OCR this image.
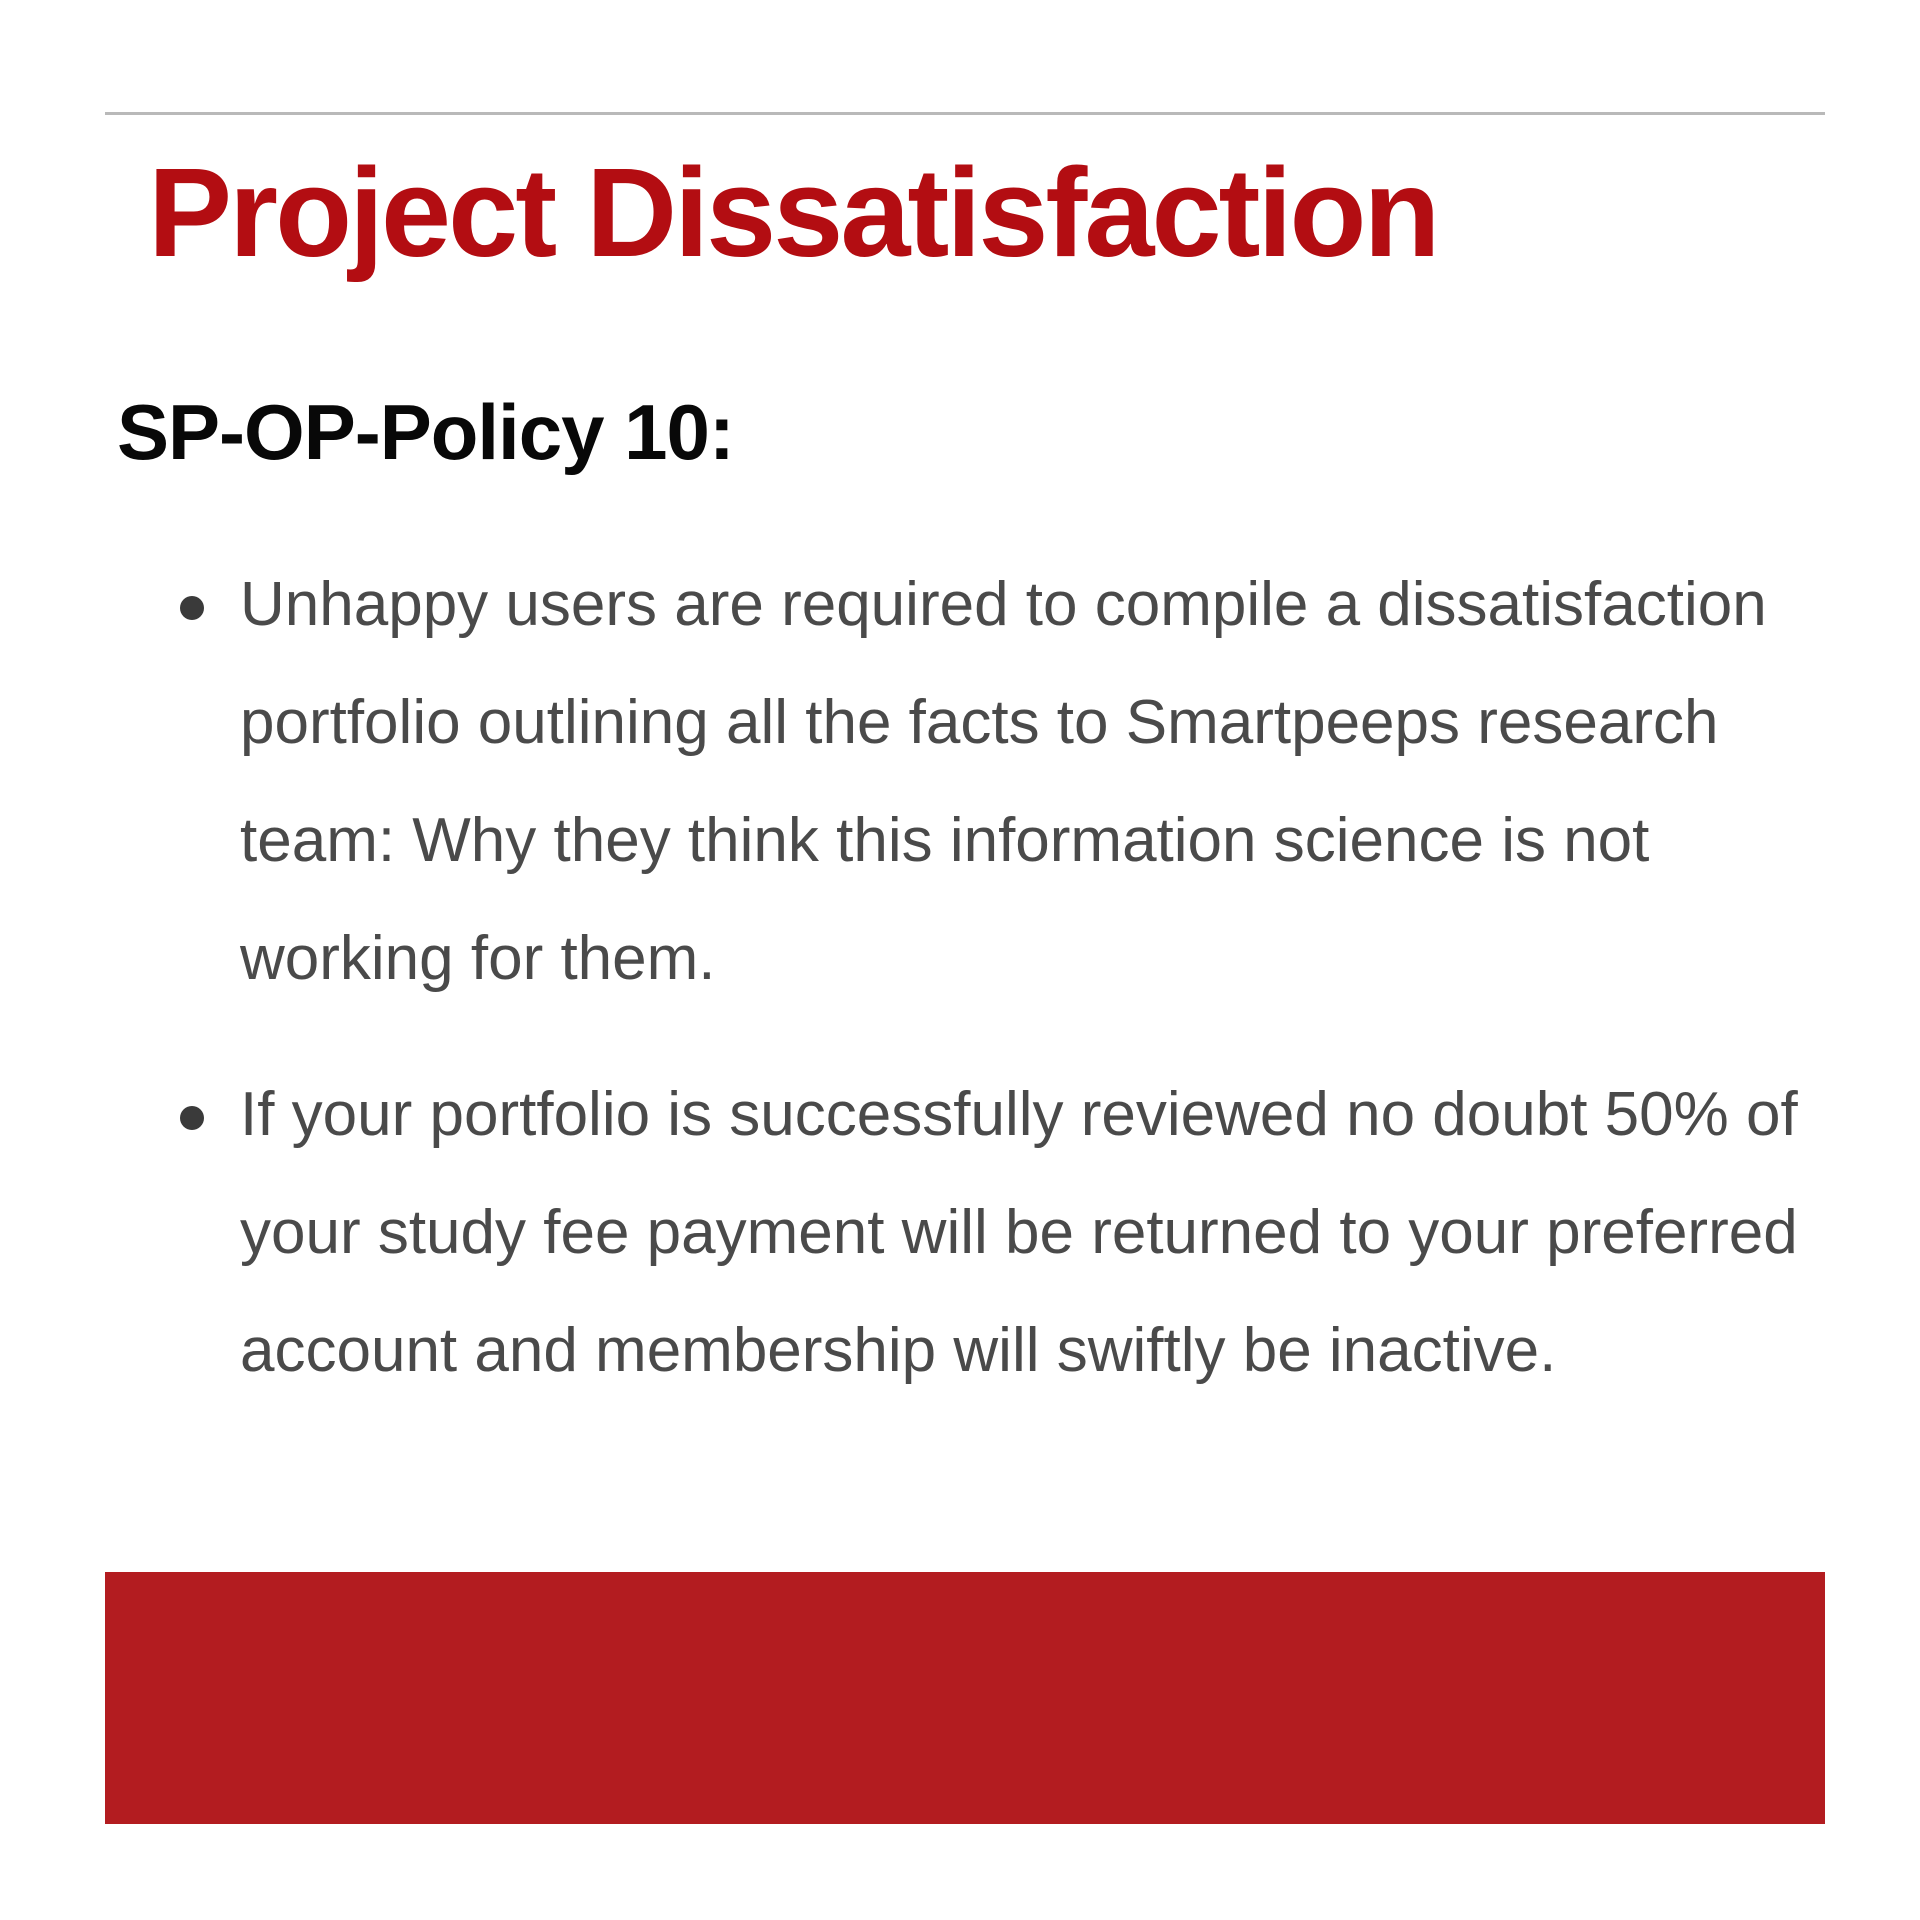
Project Dissatisfaction
SP-OP-Policy 10:
Unhappy users are required to compile a dissatisfaction portfolio outlining all the facts to Smartpeeps research team: Why they think this information science is not working for them.
If your portfolio is successfully reviewed no doubt 50% of your study fee payment will be returned to your preferred account and membership will swiftly be inactive.
